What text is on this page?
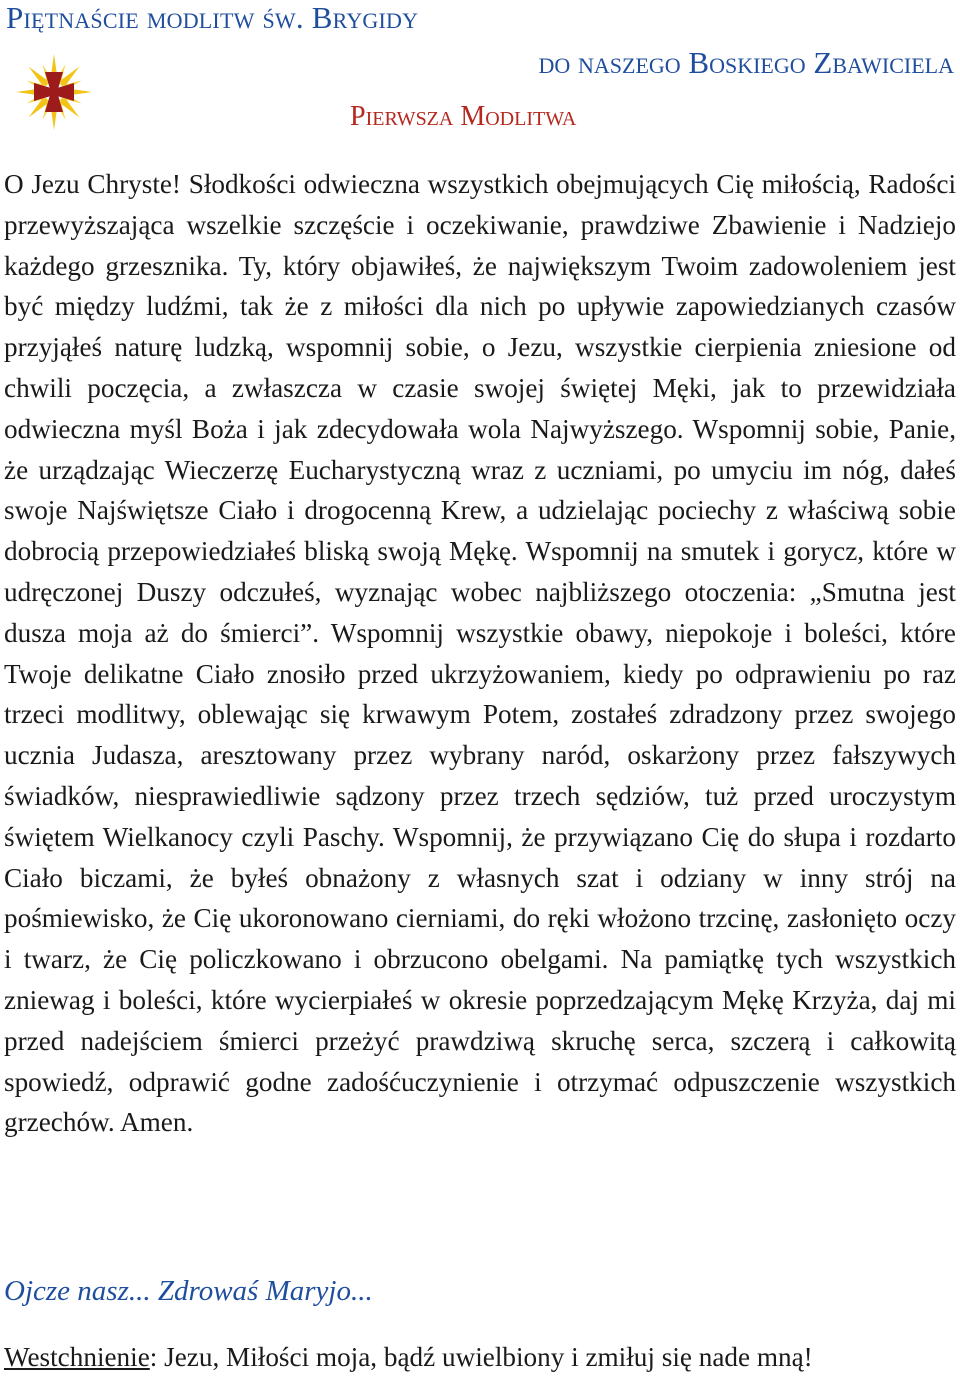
Piętnaście modlitw św. Brygidy
do naszego Boskiego Zbawiciela
Pierwsza Modlitwa

O Jezu Chryste! Słodkości odwieczna wszystkich obejmujących Cię miłością, Radości przewyższająca wszelkie szczęście i oczekiwanie, prawdziwe Zbawienie i Nadziejo każdego grzesznika. Ty, który objawiłeś, że największym Twoim zadowoleniem jest być między ludźmi, tak że z miłości dla nich po upływie zapowiedzianych czasów przyjąłeś naturę ludzką, wspomnij sobie, o Jezu, wszystkie cierpienia zniesione od chwili poczęcia, a zwłaszcza w czasie swojej świętej Męki, jak to przewidziała odwieczna myśl Boża i jak zdecydowała wola Najwyższego. Wspomnij sobie, Panie, że urządzając Wieczerzę Eucharystyczną wraz z uczniami, po umyciu im nóg, dałeś swoje Najświętsze Ciało i drogocenną Krew, a udzielając pociechy z właściwą sobie dobrocią przepowiedziałeś bliską swoją Mękę. Wspomnij na smutek i gorycz, które w udręczonej Duszy odczułeś, wyznając wobec najbliższego otoczenia: „Smutna jest dusza moja aż do śmierci”. Wspomnij wszystkie obawy, niepokoje i boleści, które Twoje delikatne Ciało znosiło przed ukrzyżowaniem, kiedy po odprawieniu po raz trzeci modlitwy, oblewając się krwawym Potem, zostałeś zdradzony przez swojego ucznia Judasza, aresztowany przez wybrany naród, oskarżony przez fałszywych świadków, niesprawiedliwie sądzony przez trzech sędziów, tuż przed uroczystym świętem Wielkanocy czyli Paschy. Wspomnij, że przywiązano Cię do słupa i rozdarto Ciało biczami, że byłeś obnażony z własnych szat i odziany w inny strój na pośmiewisko, że Cię ukoronowano cierniami, do ręki włożono trzcinę, zasłonięto oczy i twarz, że Cię policzkowano i obrzucono obelgami. Na pamiątkę tych wszystkich zniewag i boleści, które wycierpiałeś w okresie poprzedzającym Mękę Krzyża, daj mi przed nadejściem śmierci przeżyć prawdziwą skruchę serca, szczerą i całkowitą spowiedź, odprawić godne zadośćuczynienie i otrzymać odpuszczenie wszystkich grzechów. Amen.

Ojcze nasz... Zdrowaś Maryjo...

Westchnienie: Jezu, Miłości moja, bądź uwielbiony i zmiłuj się nade mną!
